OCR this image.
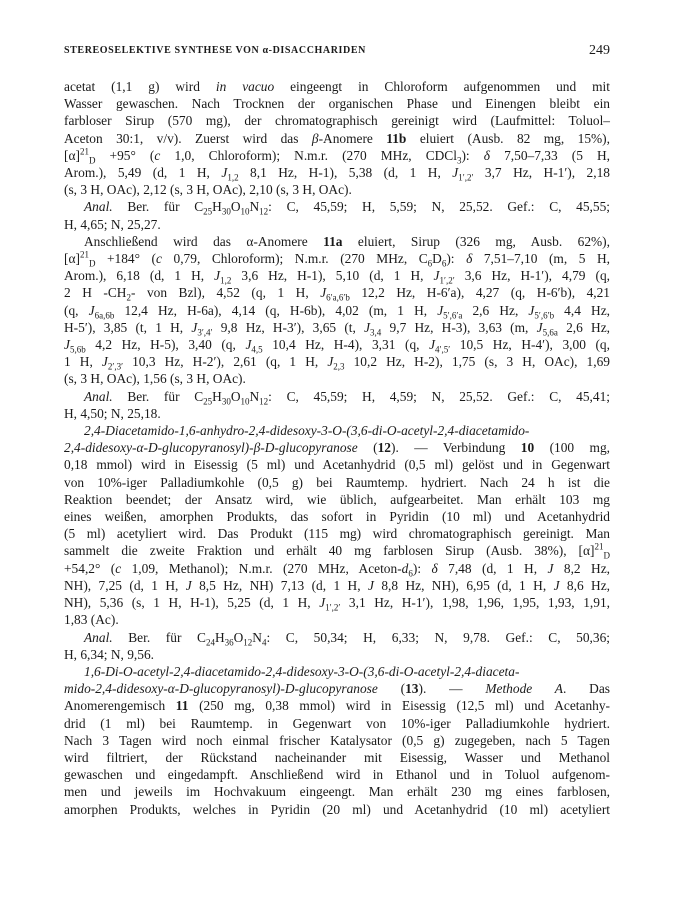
STEREOSELEKTIVE SYNTHESE VON α-DISACCHARIDEN	249
acetat (1,1 g) wird in vacuo eingeengt in Chloroform aufgenommen und mit
Wasser gewaschen. Nach Trocknen der organischen Phase und Einengen bleibt ein
farbloser Sirup (570 mg), der chromatographisch gereinigt wird (Laufmittel: Toluol–
Aceton 30:1, v/v). Zuerst wird das β-Anomere 11b eluiert (Ausb. 82 mg, 15%),
$[\alpha]^{21}_D +95^\circ$ (c 1,0, Chloroform); N.m.r. (270 MHz, CDCl$_3$): δ 7,50–7,33 (5 H,
Arom.), 5,49 (d, 1 H, $J_{1,2}$ 8,1 Hz, H-1), 5,38 (d, 1 H, $J_{1',2'}$ 3,7 Hz, H-1′), 2,18
(s, 3 H, OAc), 2,12 (s, 3 H, OAc), 2,10 (s, 3 H, OAc).
Anal. Ber. für $C_{25}H_{30}O_{10}N_{12}$: C, 45,59; H, 5,59; N, 25,52. Gef.: C, 45,55;
H, 4,65; N, 25,27.
Anschließend wird das α-Anomere 11a eluiert, Sirup (326 mg, Ausb. 62%),
$[\alpha]^{21}_D +184^\circ$ (c 0,79, Chloroform); N.m.r. (270 MHz, $C_6D_6$): δ 7,51–7,10 (m, 5 H,
Arom.), 6,18 (d, 1 H, $J_{1,2}$ 3,6 Hz, H-1), 5,10 (d, 1 H, $J_{1',2'}$ 3,6 Hz, H-1′), 4,79 (q,
2 H $-CH_2-$ von Bzl), 4,52 (q, 1 H, $J_{6'a,6'b}$ 12,2 Hz, H-6′a), 4,27 (q, H-6′b), 4,21
(q, $J_{6a,6b}$ 12,4 Hz, H-6a), 4,14 (q, H-6b), 4,02 (m, 1 H, $J_{5',6'a}$ 2,6 Hz, $J_{5',6'b}$ 4,4 Hz,
H-5′), 3,85 (t, 1 H, $J_{3',4'}$ 9,8 Hz, H-3′), 3,65 (t, $J_{3,4}$ 9,7 Hz, H-3), 3,63 (m, $J_{5,6a}$ 2,6 Hz,
$J_{5,6b}$ 4,2 Hz, H-5), 3,40 (q, $J_{4,5}$ 10,4 Hz, H-4), 3,31 (q, $J_{4',5'}$ 10,5 Hz, H-4′), 3,00 (q,
1 H, $J_{2',3'}$ 10,3 Hz, H-2′), 2,61 (q, 1 H, $J_{2,3}$ 10,2 Hz, H-2), 1,75 (s, 3 H, OAc), 1,69
(s, 3 H, OAc), 1,56 (s, 3 H, OAc).
Anal. Ber. für $C_{25}H_{30}O_{10}N_{12}$: C, 45,59; H, 4,59; N, 25,52. Gef.: C, 45,41;
H, 4,50; N, 25,18.
2,4-Diacetamido-1,6-anhydro-2,4-didesoxy-3-O-(3,6-di-O-acetyl-2,4-diacetamido-
2,4-didesoxy-α-D-glucopyranosyl)-β-D-glucopyranose (12). — Verbindung 10 (100 mg,
0,18 mmol) wird in Eisessig (5 ml) und Acetanhydrid (0,5 ml) gelöst und in Gegenwart
von 10%-iger Palladiumkohle (0,5 g) bei Raumtemp. hydriert. Nach 24 h ist die
Reaktion beendet; der Ansatz wird, wie üblich, aufgearbeitet. Man erhält 103 mg
eines weißen, amorphen Produkts, das sofort in Pyridin (10 ml) und Acetanhydrid
(5 ml) acetyliert wird. Das Produkt (115 mg) wird chromatographisch gereinigt. Man
sammelt die zweite Fraktion und erhält 40 mg farblosen Sirup (Ausb. 38%), $[\alpha]^{21}_D$
+54,2° (c 1,09, Methanol); N.m.r. (270 MHz, Aceton-$d_6$): δ 7,48 (d, 1 H, J 8,2 Hz,
NH), 7,25 (d, 1 H, J 8,5 Hz, NH) 7,13 (d, 1 H, J 8,8 Hz, NH), 6,95 (d, 1 H, J 8,6 Hz,
NH), 5,36 (s, 1 H, H-1), 5,25 (d, 1 H, $J_{1',2'}$ 3,1 Hz, H-1′), 1,98, 1,96, 1,95, 1,93, 1,91,
1,83 (Ac).
Anal. Ber. für $C_{24}H_{36}O_{12}N_4$: C, 50,34; H, 6,33; N, 9,78. Gef.: C, 50,36;
H, 6,34; N, 9,56.
1,6-Di-O-acetyl-2,4-diacetamido-2,4-didesoxy-3-O-(3,6-di-O-acetyl-2,4-diaceta-
mido-2,4-didesoxy-α-D-glucopyranosyl)-D-glucopyranose (13). — Methode A. Das
Anomerengemisch 11 (250 mg, 0,38 mmol) wird in Eisessig (12,5 ml) und Acetanhy-
drid (1 ml) bei Raumtemp. in Gegenwart von 10%-iger Palladiumkohle hydriert.
Nach 3 Tagen wird noch einmal frischer Katalysator (0,5 g) zugegeben, nach 5 Tagen
wird filtriert, der Rückstand nacheinander mit Eisessig, Wasser und Methanol
gewaschen und eingedampft. Anschließend wird in Ethanol und in Toluol aufgenom-
men und jeweils im Hochvakuum eingeengt. Man erhält 230 mg eines farblosen,
amorphen Produkts, welches in Pyridin (20 ml) und Acetanhydrid (10 ml) acetyliert
